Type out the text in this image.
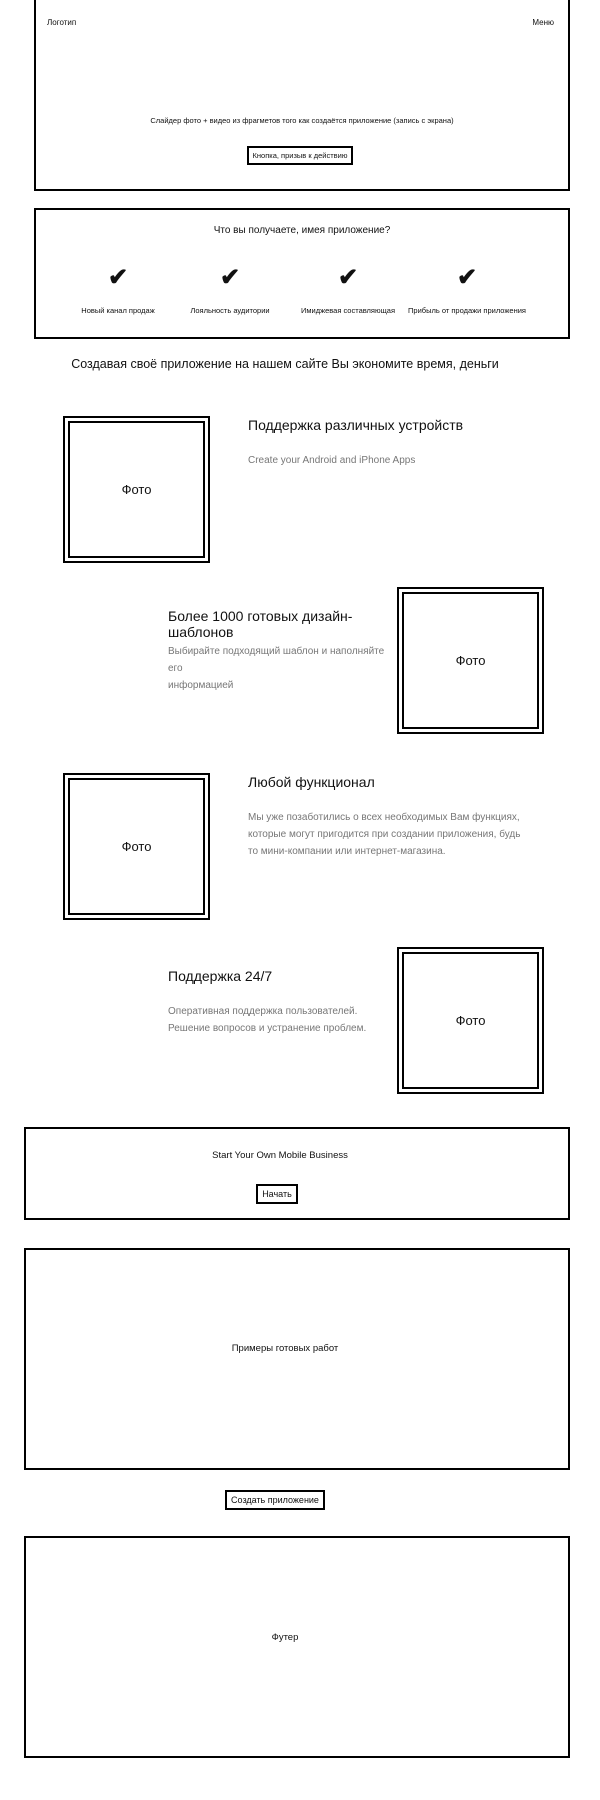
Логотип	Меню
Слайдер фото + видео из фрагметов того как создаётся приложение (запись с экрана)
Кнопка, призыв к действию
Что вы получаете, имея приложение?
✔
Новый канал продаж
✔
Лояльность аудитории
✔
Имиджевая составляющая
✔
Прибыль от продажи приложения
Создавая своё приложение на нашем сайте Вы экономите время, деньги
Фото
Поддержка различных устройств
Create your Android and iPhone Apps
Более 1000 готовых дизайн-шаблонов
Выбирайте подходящий шаблон и наполняйте его
информацией
Фото
Фото
Любой функционал
Мы уже позаботились о всех необходимых Вам функциях,
которые могут пригодится при создании приложения, будь
то мини-компании или интернет-магазина.
Поддержка 24/7
Оперативная поддержка пользователей.
Решение вопросов и устранение проблем.
Фото
Start Your Own Mobile Business
Начать
Примеры готовых работ
Создать приложение
Футер
